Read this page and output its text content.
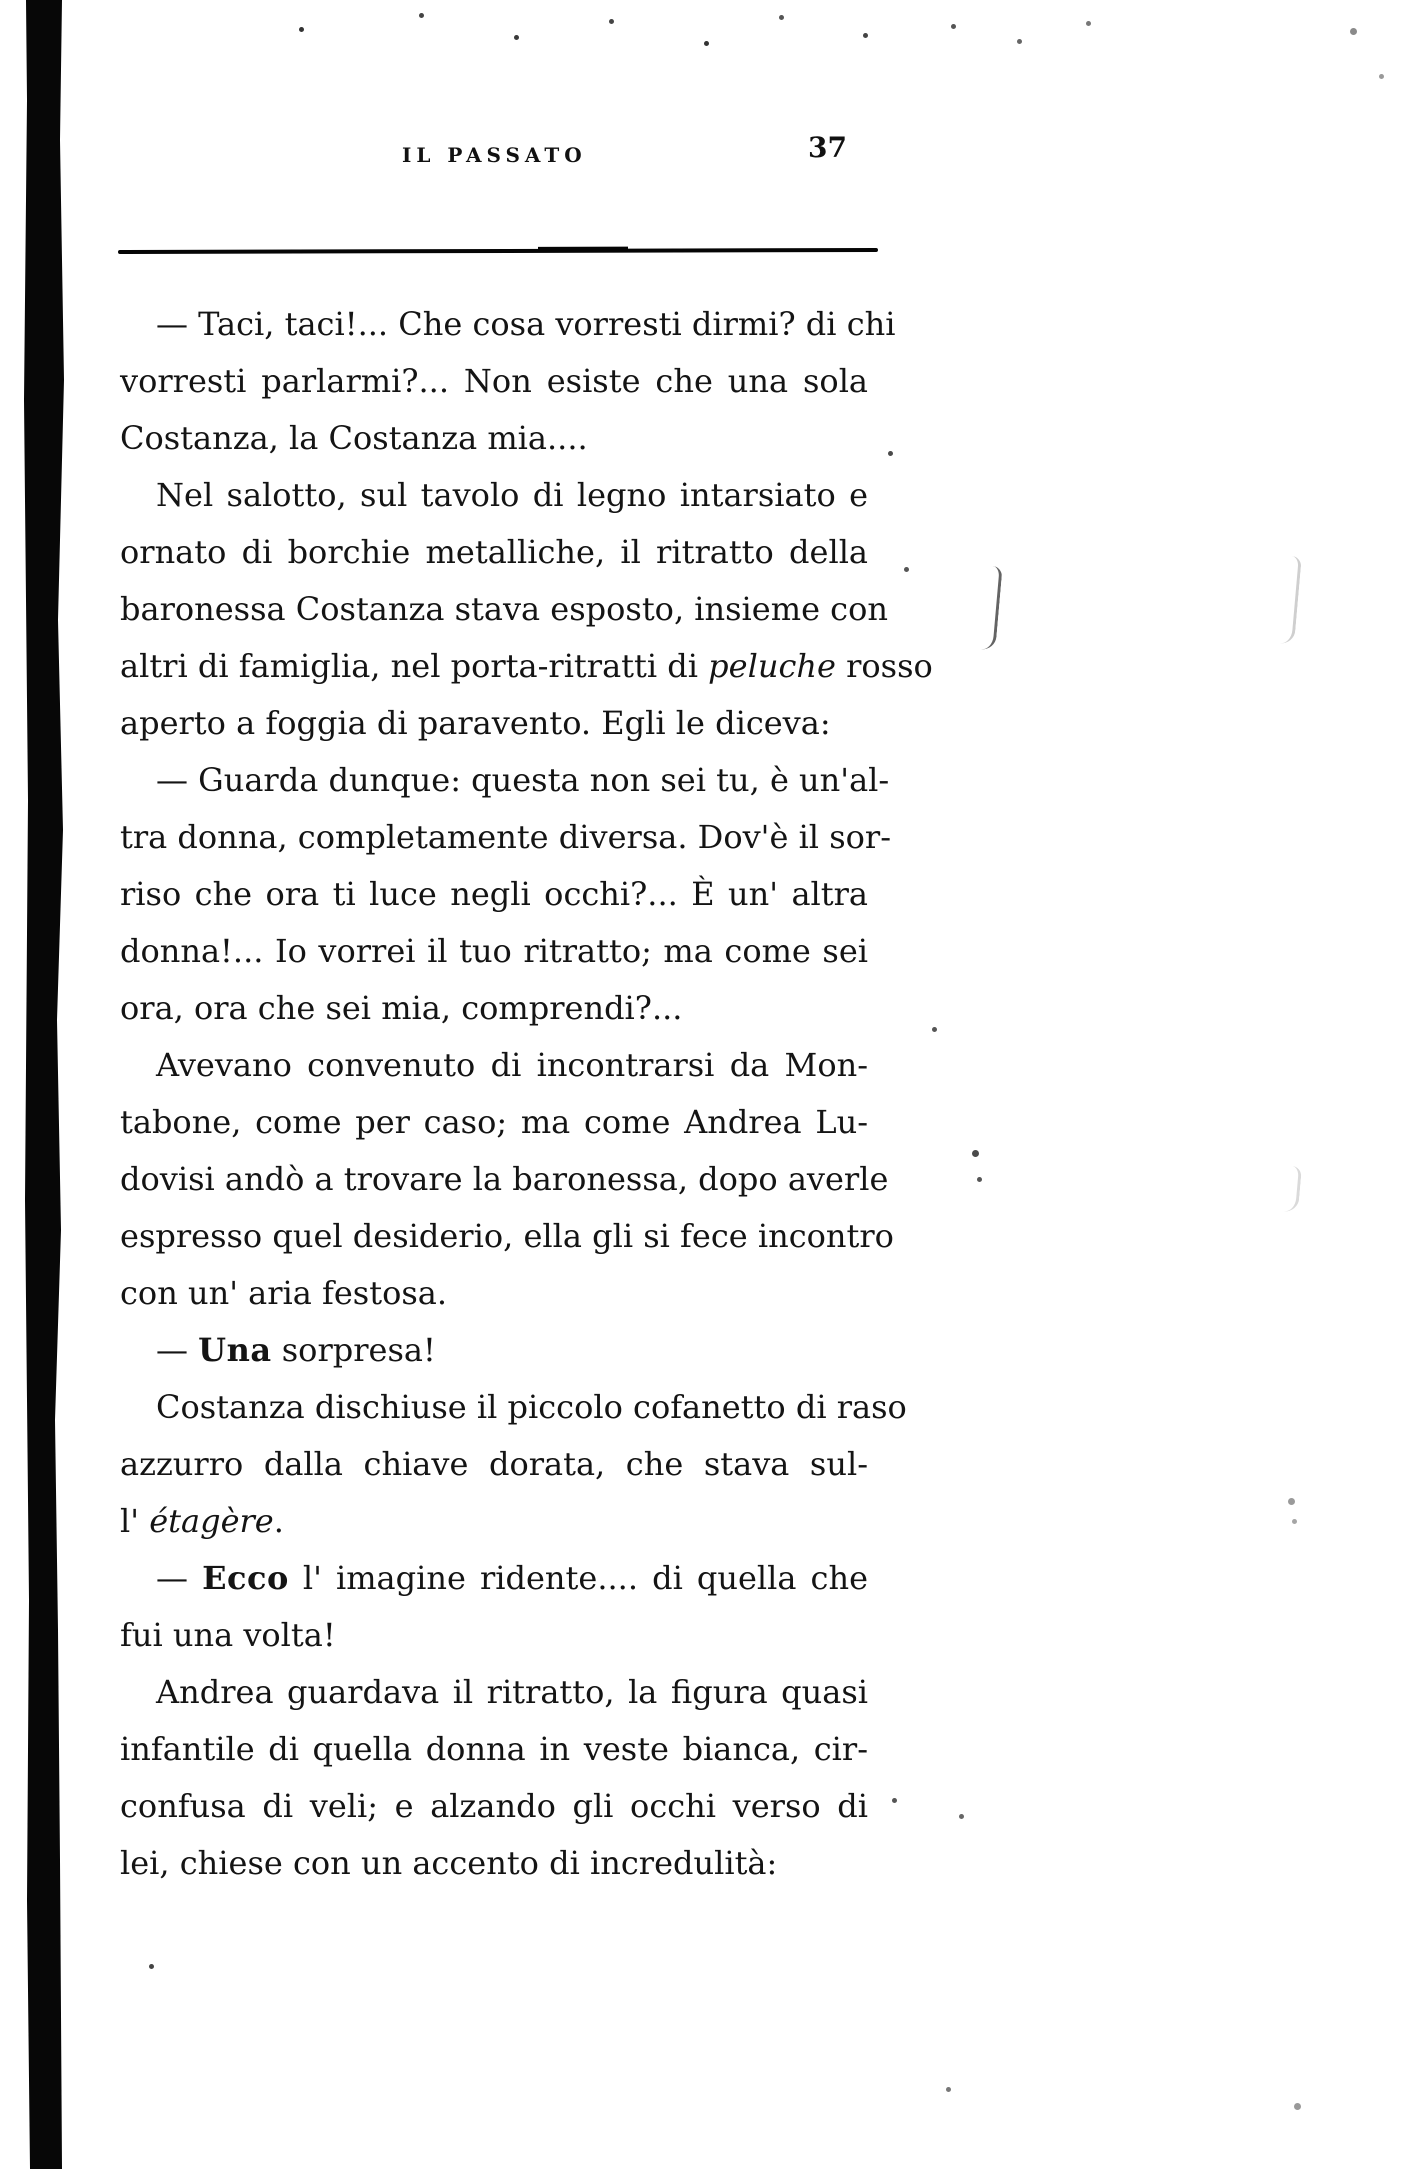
IL PASSATO	37
— Taci, taci!... Che cosa vorresti dirmi? di chi
vorresti parlarmi?... Non esiste che una sola
Costanza, la Costanza mia....
Nel salotto, sul tavolo di legno intarsiato e
ornato di borchie metalliche, il ritratto della
baronessa Costanza stava esposto, insieme con
altri di famiglia, nel porta-ritratti di peluche rosso
aperto a foggia di paravento. Egli le diceva:
— Guarda dunque: questa non sei tu, è un'al-
tra donna, completamente diversa. Dov'è il sor-
riso che ora ti luce negli occhi?... È un' altra
donna!... Io vorrei il tuo ritratto; ma come sei
ora, ora che sei mia, comprendi?...
Avevano convenuto di incontrarsi da Mon-
tabone, come per caso; ma come Andrea Lu-
dovisi andò a trovare la baronessa, dopo averle
espresso quel desiderio, ella gli si fece incontro
con un' aria festosa.
— Una sorpresa!
Costanza dischiuse il piccolo cofanetto di raso
azzurro dalla chiave dorata, che stava sul-
l' étagère.
— Ecco l' imagine ridente.... di quella che
fui una volta!
Andrea guardava il ritratto, la figura quasi
infantile di quella donna in veste bianca, cir-
confusa di veli; e alzando gli occhi verso di
lei, chiese con un accento di incredulità:
